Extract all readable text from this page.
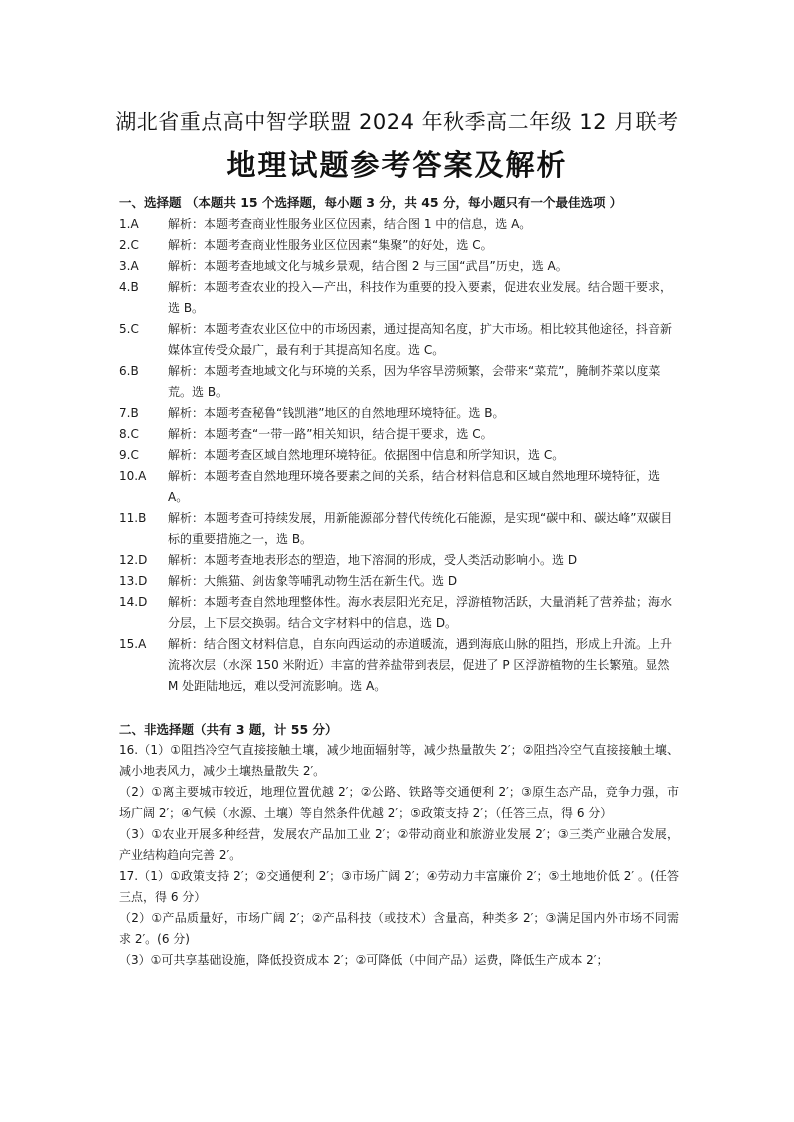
湖北省重点高中智学联盟 2024 年秋季高二年级 12 月联考
地理试题参考答案及解析
一、选择题 （本题共 15 个选择题，每小题 3 分，共 45 分，每小题只有一个最佳选项 ）
1.A	解析：本题考查商业性服务业区位因素，结合图 1 中的信息，选 A。
2.C	解析：本题考查商业性服务业区位因素“集聚”的好处，选 C。
3.A	解析：本题考查地域文化与城乡景观，结合图 2 与三国“武昌”历史，选 A。
4.B	解析：本题考查农业的投入—产出，科技作为重要的投入要素，促进农业发展。结合题干要求，选 B。
5.C	解析：本题考查农业区位中的市场因素，通过提高知名度，扩大市场。相比较其他途径，抖音新媒体宣传受众最广，最有利于其提高知名度。选 C。
6.B	解析：本题考查地域文化与环境的关系，因为华容旱涝频繁，会带来“菜荒”，腌制芥菜以度菜荒。选 B。
7.B	解析：本题考查秘鲁“钱凯港”地区的自然地理环境特征。选 B。
8.C	解析：本题考查“一带一路”相关知识，结合提干要求，选 C。
9.C	解析：本题考查区域自然地理环境特征。依据图中信息和所学知识，选 C。
10.A	解析：本题考查自然地理环境各要素之间的关系，结合材料信息和区域自然地理环境特征，选 A。
11.B	解析：本题考查可持续发展，用新能源部分替代传统化石能源，是实现“碳中和、碳达峰”双碳目标的重要措施之一，选 B。
12.D	解析：本题考查地表形态的塑造，地下溶洞的形成，受人类活动影响小。选 D
13.D	解析：大熊猫、剑齿象等哺乳动物生活在新生代。选 D
14.D	解析：本题考查自然地理整体性。海水表层阳光充足，浮游植物活跃，大量消耗了营养盐；海水分层，上下层交换弱。结合文字材料中的信息，选 D。
15.A	解析：结合图文材料信息，自东向西运动的赤道暖流，遇到海底山脉的阻挡，形成上升流。上升流将次层（水深 150 米附近）丰富的营养盐带到表层，促进了 P 区浮游植物的生长繁殖。显然 M 处距陆地远，难以受河流影响。选 A。
二、非选择题（共有 3 题，计 55 分）
16.（1）①阻挡冷空气直接接触土壤，减少地面辐射等，减少热量散失 2′；②阻挡冷空气直接接触土壤、减小地表风力，减少土壤热量散失 2′。
（2）①离主要城市较近，地理位置优越 2′；②公路、铁路等交通便利 2′；③原生态产品，竞争力强，市场广阔 2′；④气候（水源、土壤）等自然条件优越 2′；⑤政策支持 2′；（任答三点，得 6 分）
（3）①农业开展多种经营，发展农产品加工业 2′；②带动商业和旅游业发展 2′；③三类产业融合发展，产业结构趋向完善 2′。
17.（1）①政策支持 2′；②交通便利 2′；③市场广阔 2′；④劳动力丰富廉价 2′；⑤土地地价低 2′ 。(任答三点，得 6 分）
（2）①产品质量好，市场广阔 2′；②产品科技（或技术）含量高，种类多 2′；③满足国内外市场不同需求 2′。(6 分)
（3）①可共享基础设施，降低投资成本 2′；②可降低（中间产品）运费，降低生产成本 2′；
